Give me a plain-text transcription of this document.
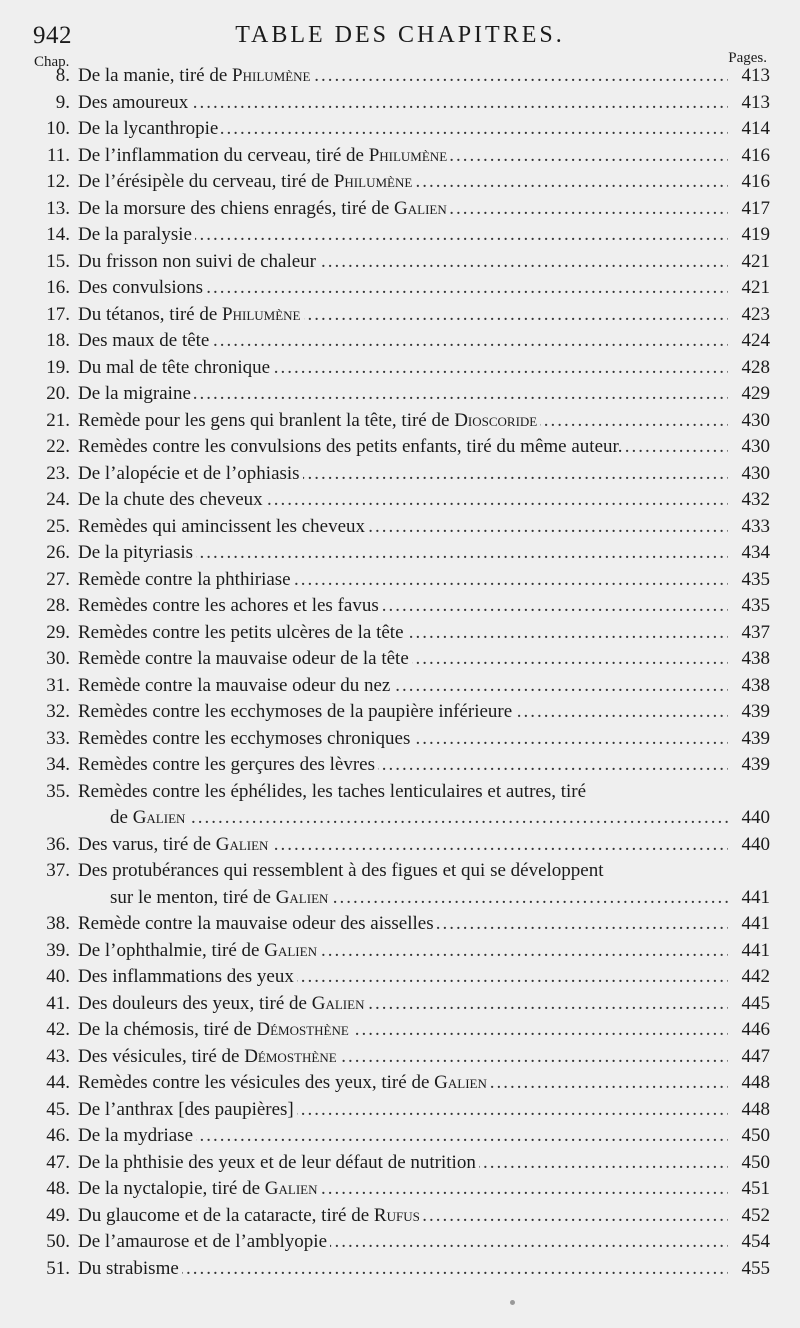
942	TABLE DES CHAPITRES.
Chap.	Pages.
8. ..... De la manie, tiré de Philumène	413
9. ..... Des amoureux	413
10. ..... De la lycanthropie	414
11. ..... De l’inflammation du cerveau, tiré de Philumène	416
12. ..... De l’érésipèle du cerveau, tiré de Philumène	416
13. ..... De la morsure des chiens enragés, tiré de Galien	417
14. ..... De la paralysie	419
15. ..... Du frisson non suivi de chaleur	421
16. ..... Des convulsions	421
17. ..... Du tétanos, tiré de Philumène	423
18. ..... Des maux de tête	424
19. ..... Du mal de tête chronique	428
20. ..... De la migraine	429
21. ..... Remède pour les gens qui branlent la tête, tiré de Dioscoride	430
22. ..... Remèdes contre les convulsions des petits enfants, tiré du même auteur.	430
23. ..... De l’alopécie et de l’ophiasis	430
24. ..... De la chute des cheveux	432
25. ..... Remèdes qui amincissent les cheveux	433
26. ..... De la pityriasis	434
27. ..... Remède contre la phthiriase	435
28. ..... Remèdes contre les achores et les favus	435
29. ..... Remèdes contre les petits ulcères de la tête	437
30. ..... Remède contre la mauvaise odeur de la tête	438
31. ..... Remède contre la mauvaise odeur du nez	438
32. ..... Remèdes contre les ecchymoses de la paupière inférieure	439
33. ..... Remèdes contre les ecchymoses chroniques	439
34. ..... Remèdes contre les gerçures des lèvres	439
35. Remèdes contre les éphélides, les taches lenticulaires et autres, tiré
.....
de Galien	440
36. ..... Des varus, tiré de Galien	440
37. Des protubérances qui ressemblent à des figues et qui se développent
.....
sur le menton, tiré de Galien	441
38. ..... Remède contre la mauvaise odeur des aisselles	441
39. ..... De l’ophthalmie, tiré de Galien	441
40. ..... Des inflammations des yeux	442
41. ..... Des douleurs des yeux, tiré de Galien	445
42. ..... De la chémosis, tiré de Démosthène	446
43. ..... Des vésicules, tiré de Démosthène	447
44. ..... Remèdes contre les vésicules des yeux, tiré de Galien	448
45. ..... De l’anthrax [des paupières]	448
46. ..... De la mydriase	450
47. ..... De la phthisie des yeux et de leur défaut de nutrition	450
48. ..... De la nyctalopie, tiré de Galien	451
49. ..... Du glaucome et de la cataracte, tiré de Rufus	452
50. ..... De l’amaurose et de l’amblyopie	454
51. ..... Du strabisme	455
